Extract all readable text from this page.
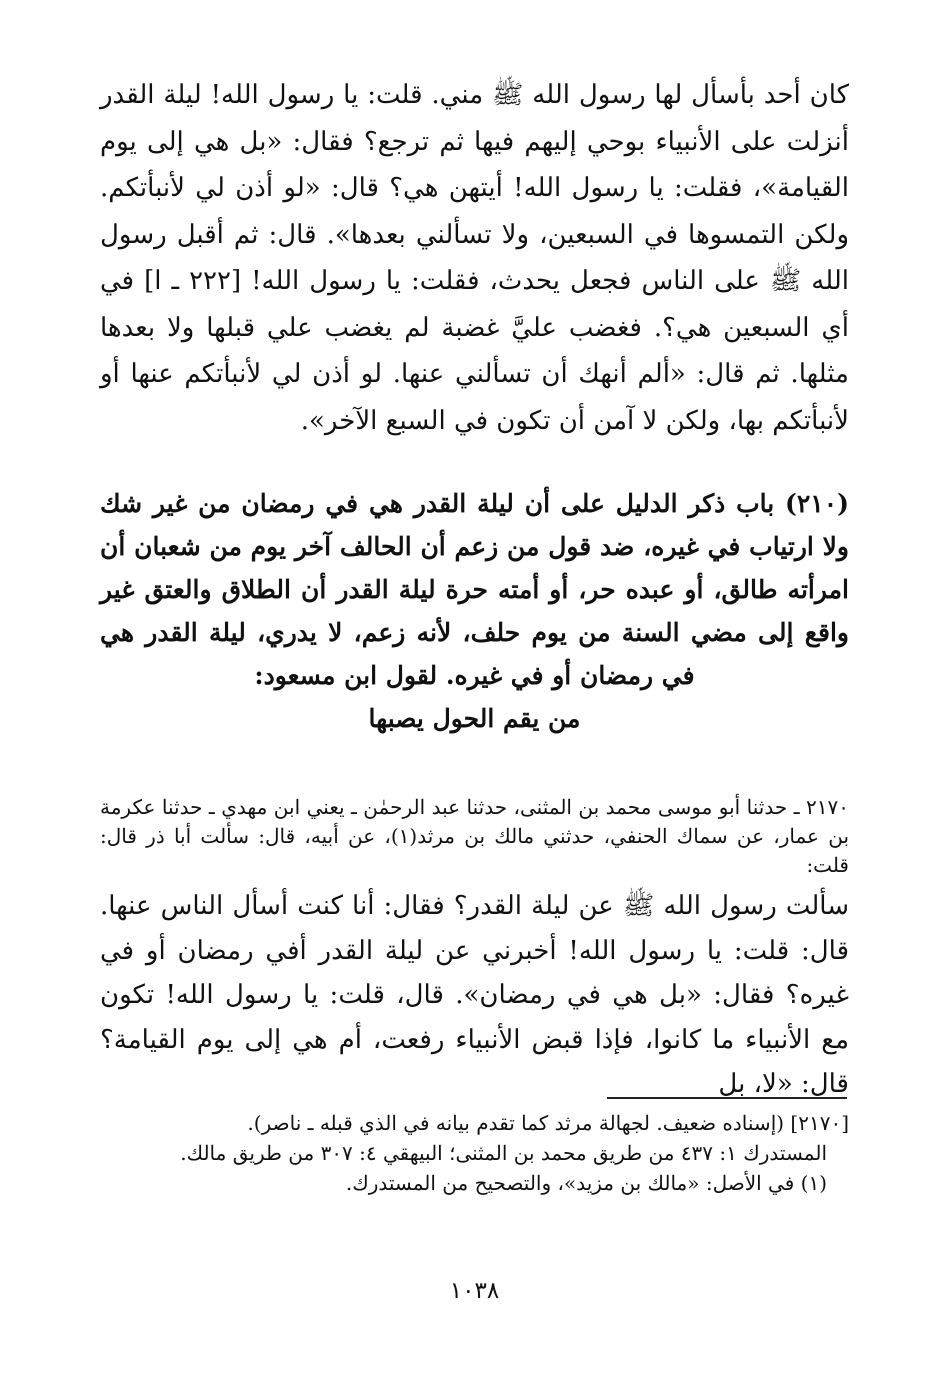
كان أحد بأسأل لها رسول الله ﷺ مني. قلت: يا رسول الله! ليلة القدر أنزلت على الأنبياء بوحي إليهم فيها ثم ترجع؟ فقال: «بل هي إلى يوم القيامة»، فقلت: يا رسول الله! أيتهن هي؟ قال: «لو أذن لي لأنبأتكم. ولكن التمسوها في السبعين، ولا تسألني بعدها». قال: ثم أقبل رسول الله ﷺ على الناس فجعل يحدث، فقلت: يا رسول الله! [٢٢٢ ـ ا] في أي السبعين هي؟. فغضب عليَّ غضبة لم يغضب علي قبلها ولا بعدها مثلها. ثم قال: «ألم أنهك أن تسألني عنها. لو أذن لي لأنبأتكم عنها أو لأنبأتكم بها، ولكن لا آمن أن تكون في السبع الآخر».
(٢١٠) باب ذكر الدليل على أن ليلة القدر هي في رمضان من غير شك ولا ارتياب في غيره، ضد قول من زعم أن الحالف آخر يوم من شعبان أن امرأته طالق، أو عبده حر، أو أمته حرة ليلة القدر أن الطلاق والعتق غير واقع إلى مضي السنة من يوم حلف، لأنه زعم، لا يدري، ليلة القدر هي في رمضان أو في غيره. لقول ابن مسعود:
من يقم الحول يصبها
٢١٧٠ ـ حدثنا أبو موسى محمد بن المثنى، حدثنا عبد الرحمٰن ـ يعني ابن مهدي ـ حدثنا عكرمة بن عمار، عن سماك الحنفي، حدثني مالك بن مرثد(١)، عن أبيه، قال: سألت أبا ذر قال: قلت:
سألت رسول الله ﷺ عن ليلة القدر؟ فقال: أنا كنت أسأل الناس عنها. قال: قلت: يا رسول الله! أخبرني عن ليلة القدر أفي رمضان أو في غيره؟ فقال: «بل هي في رمضان». قال، قلت: يا رسول الله! تكون مع الأنبياء ما كانوا، فإذا قبض الأنبياء رفعت، أم هي إلى يوم القيامة؟ قال: «لا، بل
[٢١٧٠] (إسناده ضعيف. لجهالة مرثد كما تقدم بيانه في الذي قبله ـ ناصر).
المستدرك ١: ٤٣٧ من طريق محمد بن المثنى؛ البيهقي ٤: ٣٠٧ من طريق مالك.
(١) في الأصل: «مالك بن مزيد»، والتصحيح من المستدرك.
١٠٣٨
